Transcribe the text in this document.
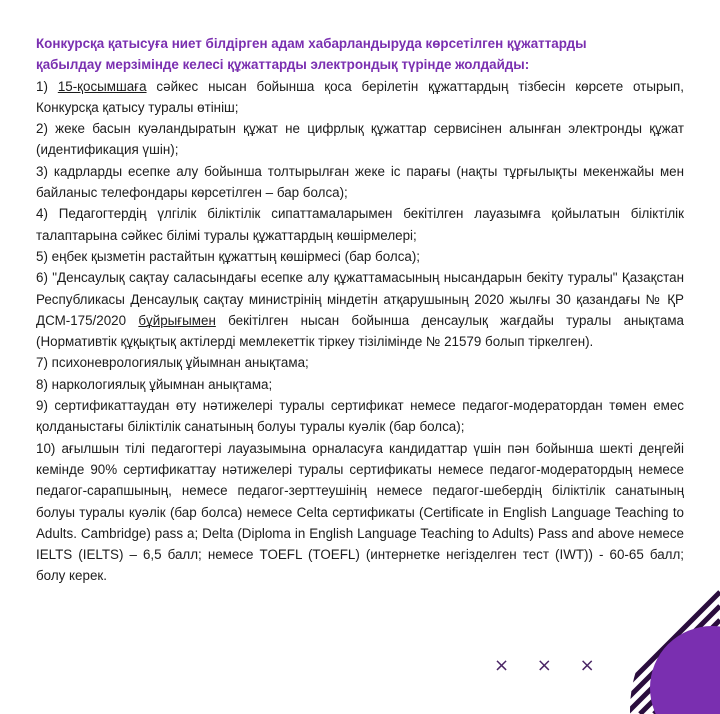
Конкурсқа қатысуға ниет білдірген адам хабарландыруда көрсетілген құжаттарды
қабылдау мерзімінде келесі құжаттарды электрондық түрінде жолдайды:

1) 15-қосымшаға сәйкес нысан бойынша қоса берілетін құжаттардың тізбесін көрсете отырып, Конкурсқа қатысу туралы өтініш;

2) жеке басын куәландыратын құжат не цифрлық құжаттар сервисінен алынған электронды құжат (идентификация үшін);

3) кадрларды есепке алу бойынша толтырылған жеке іс парағы (нақты тұрғылықты мекенжайы мен байланыс телефондары көрсетілген – бар болса);

4) Педагогтердің үлгілік біліктілік сипаттамаларымен бекітілген лауазымға қойылатын біліктілік талаптарына сәйкес білімі туралы құжаттардың көшірмелері;

5) еңбек қызметін растайтын құжаттың көшірмесі (бар болса);

6) "Денсаулық сақтау саласындағы есепке алу құжаттамасының нысандарын бекіту туралы" Қазақстан Республикасы Денсаулық сақтау министрінің міндетін атқарушының 2020 жылғы 30 қазандағы № ҚР ДСМ-175/2020 бұйрығымен бекітілген нысан бойынша денсаулық жағдайы туралы анықтама (Нормативтік құқықтық актілерді мемлекеттік тіркеу тізілімінде № 21579 болып тіркелген).

7) психоневрологиялық ұйымнан анықтама;

8) наркологиялық ұйымнан анықтама;

9) сертификаттаудан өту нәтижелері туралы сертификат немесе педагог-модератордан төмен емес қолданыстағы біліктілік санатының болуы туралы куәлік (бар болса);

10) ағылшын тілі педагогтері лауазымына орналасуға кандидаттар үшін пән бойынша шекті деңгейі кемінде 90% сертификаттау нәтижелері туралы сертификаты немесе педагог-модератордың немесе педагог-сарапшының, немесе педагог-зерттеушінің немесе педагог-шебердің біліктілік санатының болуы туралы куәлік (бар болса) немесе Celta сертификаты (Certificate in English Language Teaching to Adults. Cambridge) pass a; Delta (Diploma in English Language Teaching to Adults) Pass and above немесе IELTS (IELTS) – 6,5 балл; немесе TOEFL (TOEFL) (интернетке негізделген тест (IWT)) - 60-65 балл; болу керек.

× × ×
